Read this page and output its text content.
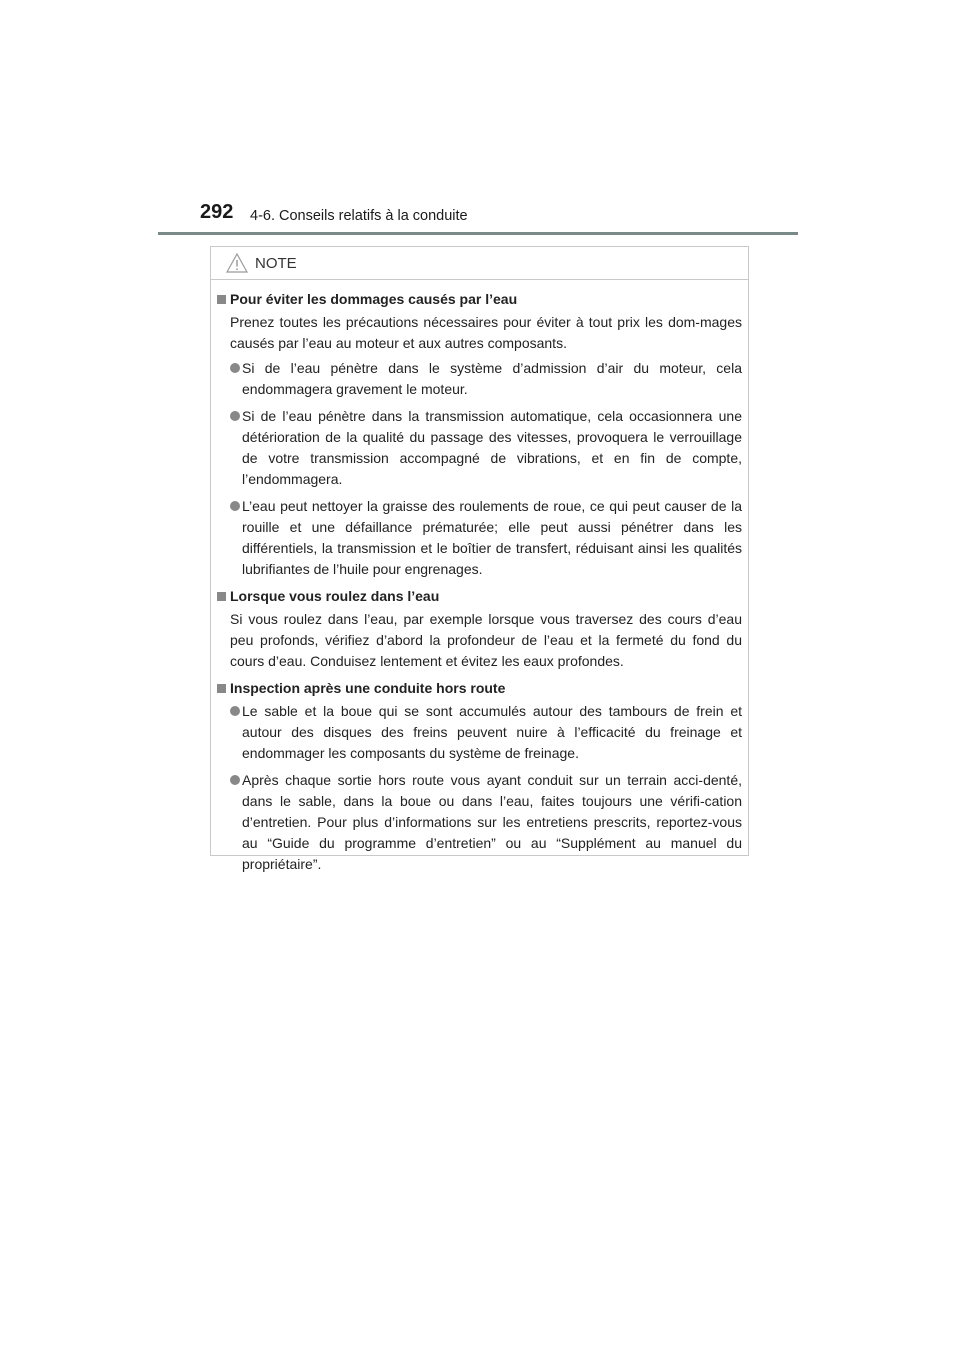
292 4-6. Conseils relatifs à la conduite
NOTE
Pour éviter les dommages causés par l’eau
Prenez toutes les précautions nécessaires pour éviter à tout prix les dom-mages causés par l’eau au moteur et aux autres composants.
Si de l’eau pénètre dans le système d’admission d’air du moteur, cela endommagera gravement le moteur.
Si de l’eau pénètre dans la transmission automatique, cela occasionnera une détérioration de la qualité du passage des vitesses, provoquera le verrouillage de votre transmission accompagné de vibrations, et en fin de compte, l’endommagera.
L’eau peut nettoyer la graisse des roulements de roue, ce qui peut causer de la rouille et une défaillance prématurée; elle peut aussi pénétrer dans les différentiels, la transmission et le boîtier de transfert, réduisant ainsi les qualités lubrifiantes de l’huile pour engrenages.
Lorsque vous roulez dans l’eau
Si vous roulez dans l’eau, par exemple lorsque vous traversez des cours d’eau peu profonds, vérifiez d’abord la profondeur de l’eau et la fermeté du fond du cours d’eau. Conduisez lentement et évitez les eaux profondes.
Inspection après une conduite hors route
Le sable et la boue qui se sont accumulés autour des tambours de frein et autour des disques des freins peuvent nuire à l’efficacité du freinage et endommager les composants du système de freinage.
Après chaque sortie hors route vous ayant conduit sur un terrain acci-denté, dans le sable, dans la boue ou dans l’eau, faites toujours une vérifi-cation d’entretien. Pour plus d’informations sur les entretiens prescrits, reportez-vous au “Guide du programme d’entretien” ou au “Supplément au manuel du propriétaire”.
